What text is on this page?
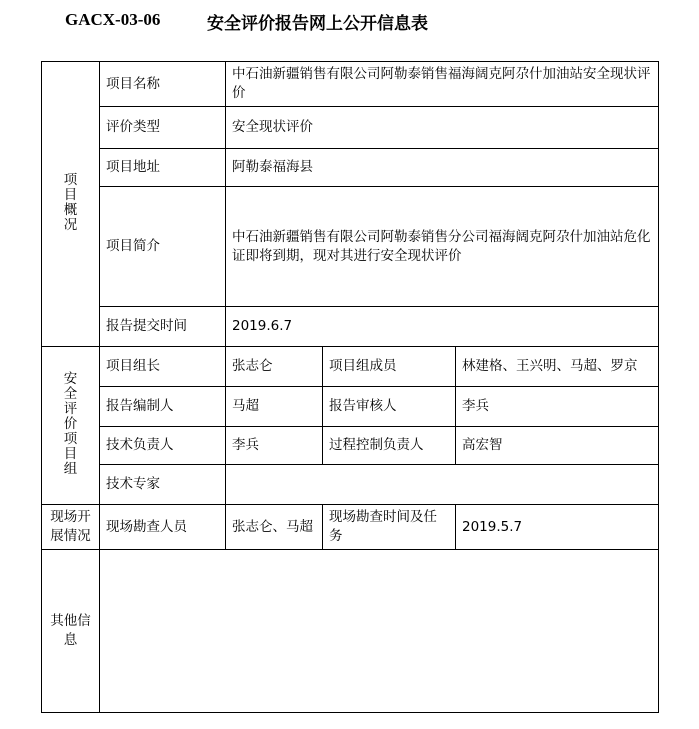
GACX-03-06	安全评价报告网上公开信息表
项目概况	项目名称	中石油新疆销售有限公司阿勒泰销售福海阔克阿尕什加油站安全现状评价		
	评价类型	安全现状评价		
	项目地址	阿勒泰福海县		
	项目简介	中石油新疆销售有限公司阿勒泰销售分公司福海阔克阿尕什加油站危化证即将到期，现对其进行安全现状评价		
	报告提交时间	2019.6.7		
安全评价项目组	项目组长	张志仑	项目组成员	林建格、王兴明、马超、罗京
	报告编制人	马超	报告审核人	李兵
	技术负责人	李兵	过程控制负责人	高宏智
	技术专家			
现场开展情况	现场勘查人员	张志仑、马超	现场勘查时间及任务	2019.5.7
其他信息				
